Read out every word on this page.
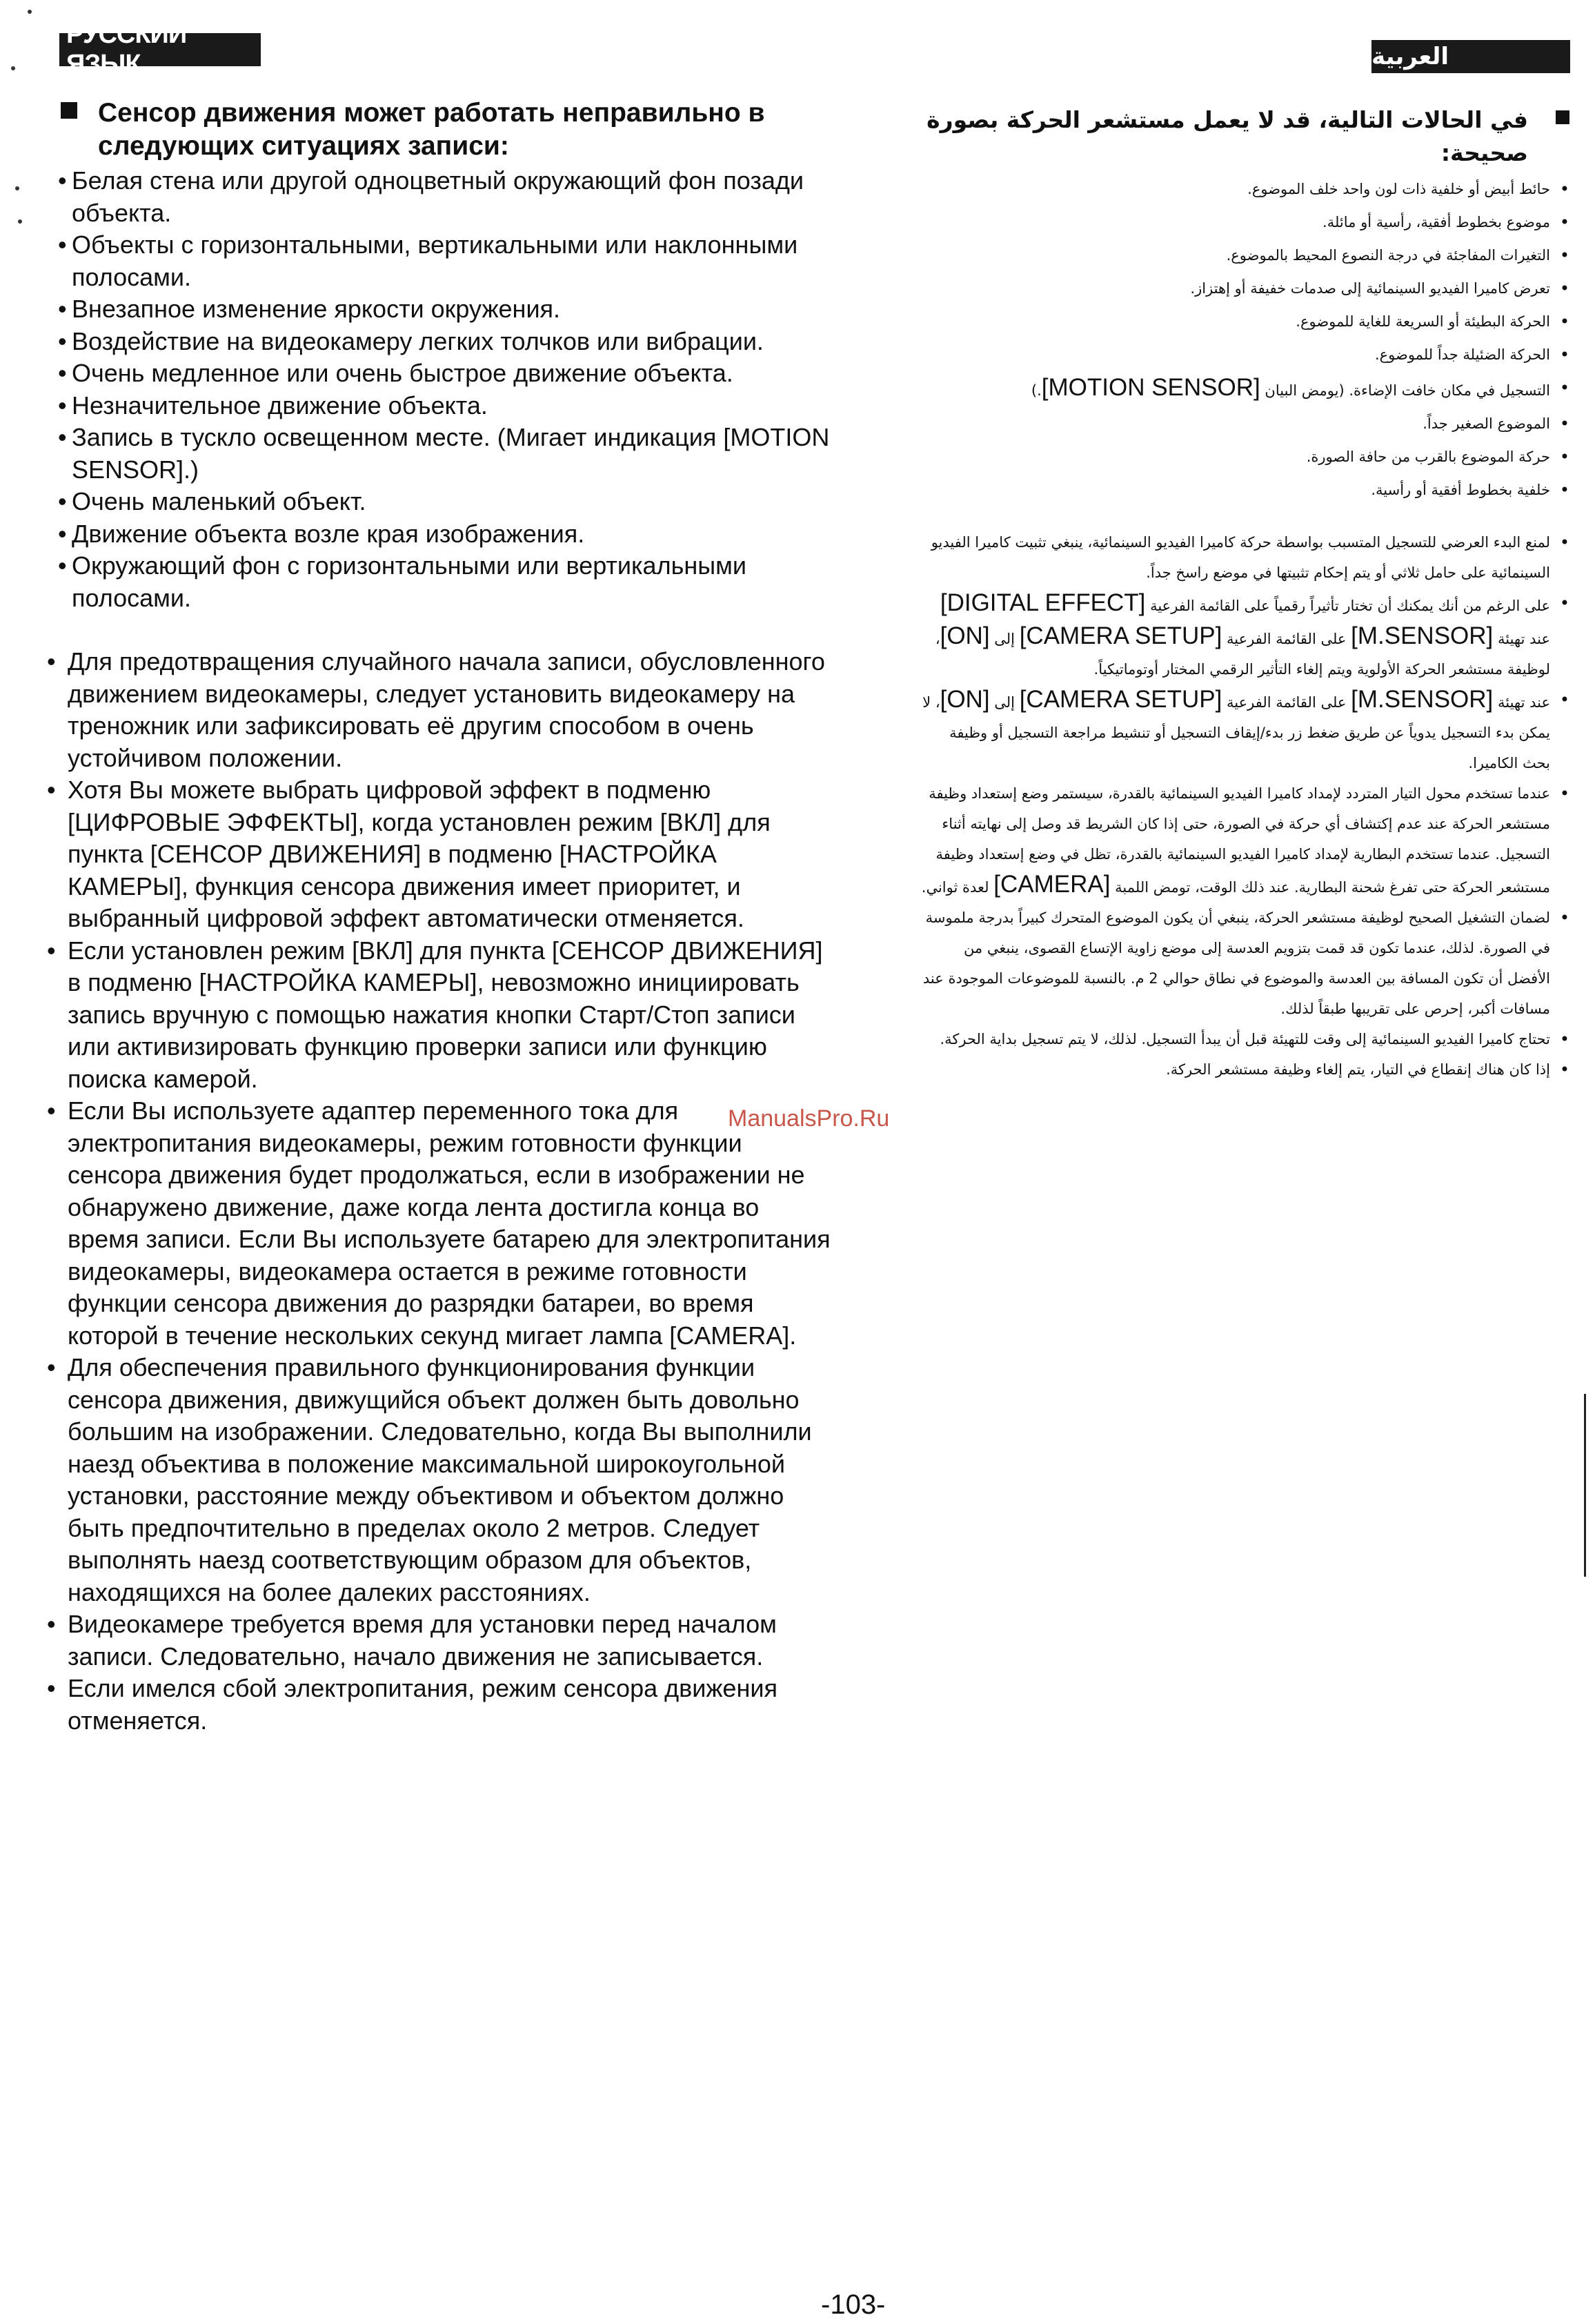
РУССКИЙ ЯЗЫК	العربية
Сенсор движения может работать неправильно в следующих ситуациях записи:
• Белая стена или другой одноцветный окружающий фон позади объекта.
• Объекты с горизонтальными, вертикальными или наклонными полосами.
• Внезапное изменение яркости окружения.
• Воздействие на видеокамеру легких толчков или вибрации.
• Очень медленное или очень быстрое движение объекта.
• Незначительное движение объекта.
• Запись в тускло освещенном месте. (Мигает индикация [MOTION SENSOR].)
• Очень маленький объект.
• Движение объекта возле края изображения.
• Окружающий фон с горизонтальными или вертикальными полосами.
• Для предотвращения случайного начала записи, обусловленного движением видеокамеры, следует установить видеокамеру на треножник или зафиксировать её другим способом в очень устойчивом положении.
• Хотя Вы можете выбрать цифровой эффект в подменю [ЦИФРОВЫЕ ЭФФЕКТЫ], когда установлен режим [ВКЛ] для пункта [СЕНСОР ДВИЖЕНИЯ] в подменю [НАСТРОЙКА КАМЕРЫ], функция сенсора движения имеет приоритет, и выбранный цифровой эффект автоматически отменяется.
• Если установлен режим [ВКЛ] для пункта [СЕНСОР ДВИЖЕНИЯ] в подменю [НАСТРОЙКА КАМЕРЫ], невозможно инициировать запись вручную с помощью нажатия кнопки Старт/Стоп записи или активизировать функцию проверки записи или функцию поиска камерой.
• Если Вы используете адаптер переменного тока для электропитания видеокамеры, режим готовности функции сенсора движения будет продолжаться, если в изображении не обнаружено движение, даже когда лента достигла конца во время записи. Если Вы используете батарею для электропитания видеокамеры, видеокамера остается в режиме готовности функции сенсора движения до разрядки батареи, во время которой в течение нескольких секунд мигает лампа [CAMERA].
• Для обеспечения правильного функционирования функции сенсора движения, движущийся объект должен быть довольно большим на изображении. Следовательно, когда Вы выполнили наезд объектива в положение максимальной широкоугольной установки, расстояние между объективом и объектом должно быть предпочтительно в пределах около 2 метров. Следует выполнять наезд соответствующим образом для объектов, находящихся на более далеких расстояниях.
• Видеокамере требуется время для установки перед началом записи. Следовательно, начало движения не записывается.
• Если имелся сбой электропитания, режим сенсора движения отменяется.
في الحالات التالية، قد لا يعمل مستشعر الحركة بصورة صحيحة:
•
حائط أبيض أو خلفية ذات لون واحد خلف الموضوع.
•
موضوع بخطوط أفقية، رأسية أو مائلة.
•
التغيرات المفاجئة في درجة النصوع المحيط بالموضوع.
•
تعرض كاميرا الفيديو السينمائية إلى صدمات خفيفة أو إهتزاز.
•
الحركة البطيئة أو السريعة للغاية للموضوع.
•
الحركة الضئيلة جداً للموضوع.
•
التسجيل في مكان خافت الإضاءة. (يومض البيان [MOTION SENSOR].)
•
الموضوع الصغير جداً.
•
حركة الموضوع بالقرب من حافة الصورة.
•
خلفية بخطوط أفقية أو رأسية.
•
لمنع البدء العرضي للتسجيل المتسبب بواسطة حركة كاميرا الفيديو السينمائية، ينبغي تثبيت كاميرا الفيديو السينمائية على حامل ثلاثي أو يتم إحكام تثبيتها في موضع راسخ جداً.
•
على الرغم من أنك يمكنك أن تختار تأثيراً رقمياً على القائمة الفرعية [DIGITAL EFFECT] عند تهيئة [M.SENSOR] على القائمة الفرعية [CAMERA SETUP] إلى [ON]، لوظيفة مستشعر الحركة الأولوية ويتم إلغاء التأثير الرقمي المختار أوتوماتيكياً.
•
عند تهيئة [M.SENSOR] على القائمة الفرعية [CAMERA SETUP] إلى [ON]، لا يمكن بدء التسجيل يدوياً عن طريق ضغط زر بدء/إيقاف التسجيل أو تنشيط مراجعة التسجيل أو وظيفة بحث الكاميرا.
•
عندما تستخدم محول التيار المتردد لإمداد كاميرا الفيديو السينمائية بالقدرة، سيستمر وضع إستعداد وظيفة مستشعر الحركة عند عدم إكتشاف أي حركة في الصورة، حتى إذا كان الشريط قد وصل إلى نهايته أثناء التسجيل. عندما تستخدم البطارية لإمداد كاميرا الفيديو السينمائية بالقدرة، تظل في وضع إستعداد وظيفة مستشعر الحركة حتى تفرغ شحنة البطارية. عند ذلك الوقت، تومض اللمبة [CAMERA] لعدة ثواني.
•
لضمان التشغيل الصحيح لوظيفة مستشعر الحركة، ينبغي أن يكون الموضوع المتحرك كبيراً بدرجة ملموسة في الصورة. لذلك، عندما تكون قد قمت بتزويم العدسة إلى موضع زاوية الإتساع القصوى، ينبغي من الأفضل أن تكون المسافة بين العدسة والموضوع في نطاق حوالي 2 م. بالنسبة للموضوعات الموجودة عند مسافات أكبر، إحرص على تقريبها طبقاً لذلك.
•
تحتاج كاميرا الفيديو السينمائية إلى وقت للتهيئة قبل أن يبدأ التسجيل. لذلك، لا يتم تسجيل بداية الحركة.
•
إذا كان هناك إنقطاع في التيار، يتم إلغاء وظيفة مستشعر الحركة.
ManualsPro.Ru
-103-
